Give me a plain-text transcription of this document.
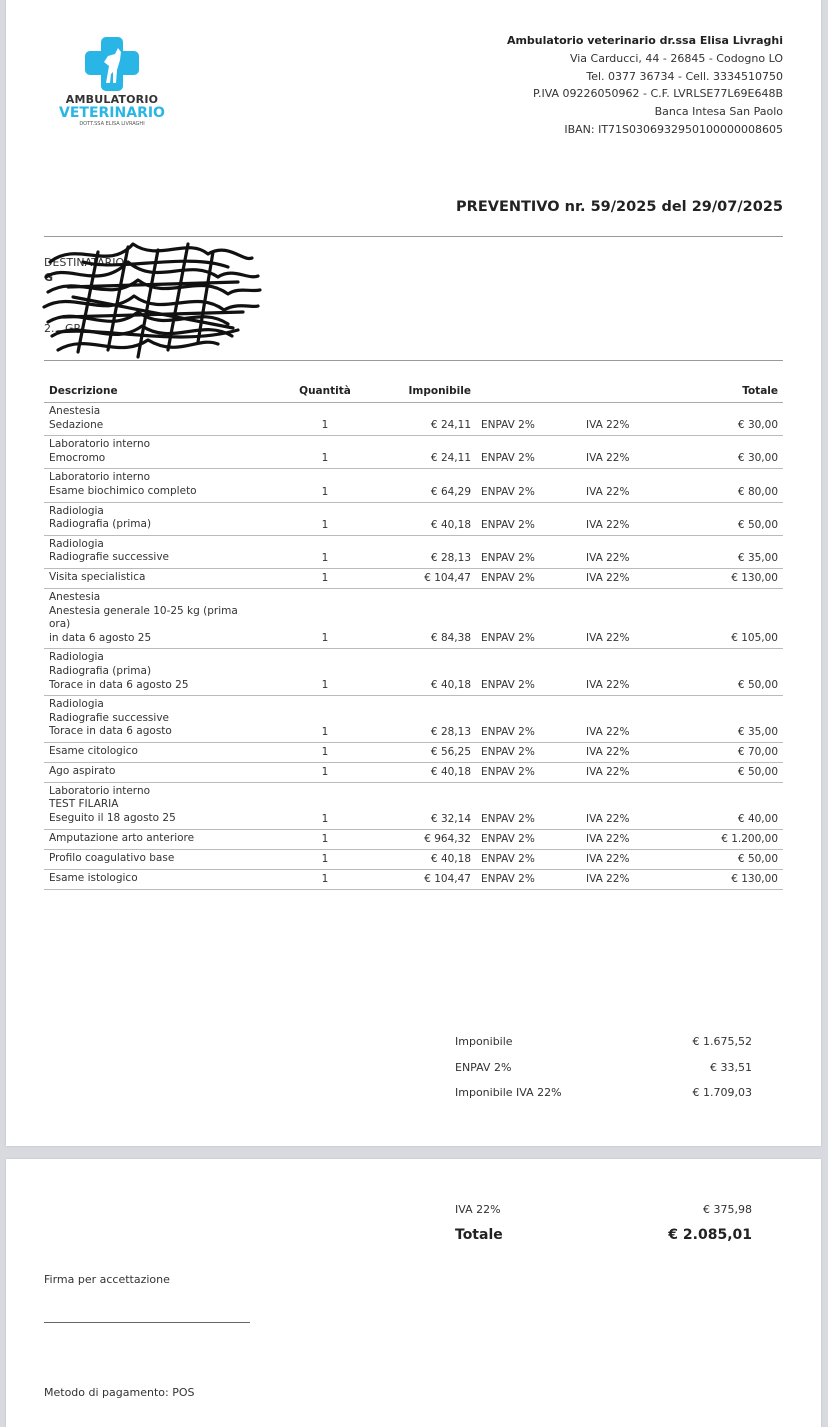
AMBULATORIO
VETERINARIO
DOTT.SSA ELISA LIVRAGHI
Ambulatorio veterinario dr.ssa Elisa Livraghi
Via Carducci, 44 - 26845 - Codogno LO
Tel. 0377 36734 - Cell. 3334510750
P.IVA 09226050962 - C.F. LVRLSE77L69E648B
Banca Intesa San Paolo
IBAN: IT71S0306932950100000008605
PREVENTIVO nr. 59/2025 del 29/07/2025
DESTINATARIO
G
2... GR
Descrizione	Quantità	Imponibile			Totale

Anestesia
Sedazione	1	€ 24,11	ENPAV 2%	IVA 22%	€ 30,00

Laboratorio interno
Emocromo	1	€ 24,11	ENPAV 2%	IVA 22%	€ 30,00

Laboratorio interno
Esame biochimico completo	1	€ 64,29	ENPAV 2%	IVA 22%	€ 80,00

Radiologia
Radiografia (prima)	1	€ 40,18	ENPAV 2%	IVA 22%	€ 50,00

Radiologia
Radiografie successive	1	€ 28,13	ENPAV 2%	IVA 22%	€ 35,00

Visita specialistica	1	€ 104,47	ENPAV 2%	IVA 22%	€ 130,00

Anestesia
Anestesia generale 10-25 kg (prima
ora)
in data 6 agosto 25	1	€ 84,38	ENPAV 2%	IVA 22%	€ 105,00

Radiologia
Radiografia (prima)
Torace in data 6 agosto 25	1	€ 40,18	ENPAV 2%	IVA 22%	€ 50,00

Radiologia
Radiografie successive
Torace in data 6 agosto	1	€ 28,13	ENPAV 2%	IVA 22%	€ 35,00

Esame citologico	1	€ 56,25	ENPAV 2%	IVA 22%	€ 70,00

Ago aspirato	1	€ 40,18	ENPAV 2%	IVA 22%	€ 50,00

Laboratorio interno
TEST FILARIA
Eseguito il 18 agosto 25	1	€ 32,14	ENPAV 2%	IVA 22%	€ 40,00

Amputazione arto anteriore	1	€ 964,32	ENPAV 2%	IVA 22%	€ 1.200,00

Profilo coagulativo base	1	€ 40,18	ENPAV 2%	IVA 22%	€ 50,00

Esame istologico	1	€ 104,47	ENPAV 2%	IVA 22%	€ 130,00
Imponibile	€ 1.675,52
ENPAV 2%	€ 33,51
Imponibile IVA 22%	€ 1.709,03
IVA 22%	€ 375,98
Totale	€ 2.085,01
Firma per accettazione
Metodo di pagamento: POS
